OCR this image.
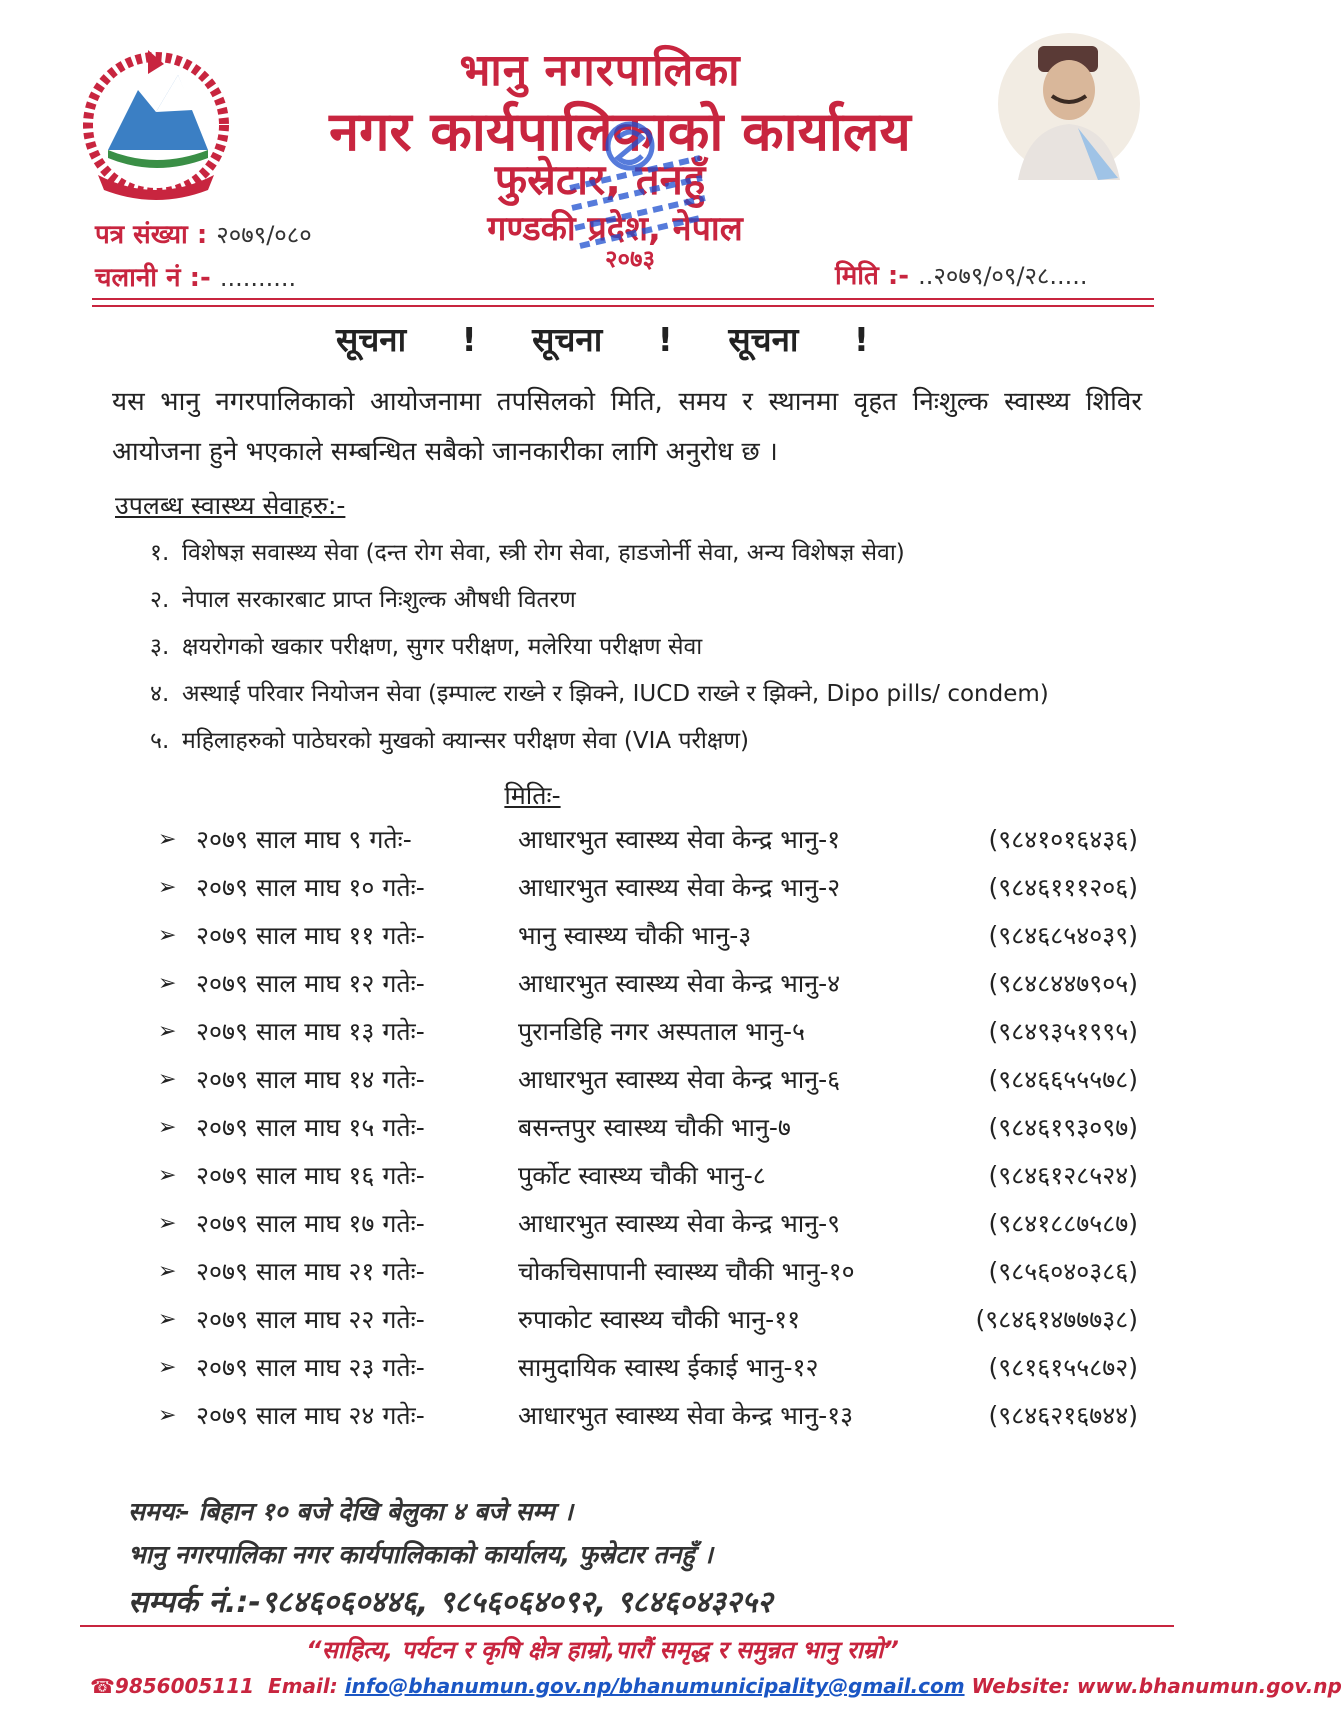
भानु नगरपालिका
नगर कार्यपालिकाको कार्यालय
फुस्रेटार, तनहुँ
गण्डकी प्रदेश, नेपाल
२०७३
पत्र संख्या : २०७९/०८०
चलानी नं :- ..........	मिति :- ..२०७९/०९/२८.....
सूचना ! सूचना ! सूचना !
यस भानु नगरपालिकाको आयोजनामा तपसिलको मिति, समय र स्थानमा वृहत निःशुल्क स्वास्थ्य शिविर आयोजना हुने भएकाले सम्बन्धित सबैको जानकारीका लागि अनुरोध छ ।
उपलब्ध स्वास्थ्य सेवाहरु:-
१. विशेषज्ञ सवास्थ्य सेवा (दन्त रोग सेवा, स्त्री रोग सेवा, हाडजोर्नी सेवा, अन्य विशेषज्ञ सेवा)
२. नेपाल सरकारबाट प्राप्त निःशुल्क औषधी वितरण
३. क्षयरोगको खकार परीक्षण, सुगर परीक्षण, मलेरिया परीक्षण सेवा
४. अस्थाई परिवार नियोजन सेवा (इम्पाल्ट राख्ने र झिक्ने, IUCD राख्ने र झिक्ने, Dipo pills/ condem)
५. महिलाहरुको पाठेघरको मुखको क्यान्सर परीक्षण सेवा (VIA परीक्षण)
मितिः-
➢ २०७९ साल माघ ९ गतेः-	आधारभुत स्वास्थ्य सेवा केन्द्र भानु-१	(९८४१०१६४३६)
➢ २०७९ साल माघ १० गतेः-	आधारभुत स्वास्थ्य सेवा केन्द्र भानु-२	(९८४६१११२०६)
➢ २०७९ साल माघ ११ गतेः-	भानु स्वास्थ्य चौकी भानु-३	(९८४६८५४०३९)
➢ २०७९ साल माघ १२ गतेः-	आधारभुत स्वास्थ्य सेवा केन्द्र भानु-४	(९८४८४४७९०५)
➢ २०७९ साल माघ १३ गतेः-	पुरानडिहि नगर अस्पताल भानु-५	(९८४९३५१९९५)
➢ २०७९ साल माघ १४ गतेः-	आधारभुत स्वास्थ्य सेवा केन्द्र भानु-६	(९८४६६५५५७८)
➢ २०७९ साल माघ १५ गतेः-	बसन्तपुर स्वास्थ्य चौकी भानु-७	(९८४६१९३०९७)
➢ २०७९ साल माघ १६ गतेः-	पुर्कोट स्वास्थ्य चौकी भानु-८	(९८४६१२८५२४)
➢ २०७९ साल माघ १७ गतेः-	आधारभुत स्वास्थ्य सेवा केन्द्र भानु-९	(९८४१८८७५८७)
➢ २०७९ साल माघ २१ गतेः-	चोकचिसापानी स्वास्थ्य चौकी भानु-१०	(९८५६०४०३८६)
➢ २०७९ साल माघ २२ गतेः-	रुपाकोट स्वास्थ्य चौकी भानु-११	(९८४६१४७७७३८)
➢ २०७९ साल माघ २३ गतेः-	सामुदायिक स्वास्थ ईकाई भानु-१२	(९८१६१५५८७२)
➢ २०७९ साल माघ २४ गतेः-	आधारभुत स्वास्थ्य सेवा केन्द्र भानु-१३	(९८४६२१६७४४)
समयः- बिहान १० बजे देखि बेलुका ४ बजे सम्म ।
भानु नगरपालिका नगर कार्यपालिकाको कार्यालय, फुस्रेटार तनहुँ ।
सम्पर्क नं.:-९८४६०६०४४६, ९८५६०६४०९२, ९८४६०४३२५२
“साहित्य, पर्यटन र कृषि क्षेत्र हाम्रो,पारौं समृद्ध र समुन्नत भानु राम्रो”
☎9856005111 Email: info@bhanumun.gov.np/bhanumunicipality@gmail.com Website: www.bhanumun.gov.np
